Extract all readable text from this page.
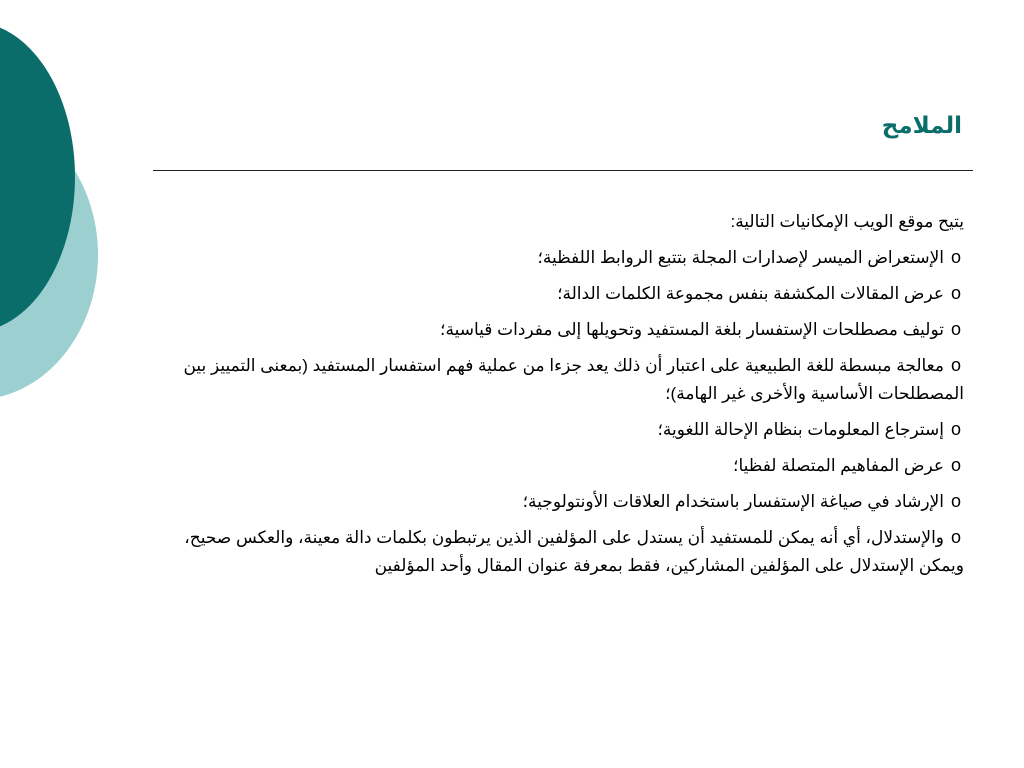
الملامح

يتيح موقع الويب الإمكانيات التالية:

oالإستعراض الميسر لإصدارات المجلة بتتبع الروابط اللفظية؛
oعرض المقالات المكشفة بنفس مجموعة الكلمات الدالة؛
oتوليف مصطلحات الإستفسار بلغة المستفيد وتحويلها إلى مفردات قياسية؛
oمعالجة مبسطة للغة الطبيعية على اعتبار أن ذلك يعد جزءا من عملية فهم استفسار المستفيد (بمعنى التمييز بين المصطلحات الأساسية والأخرى غير الهامة)؛
oإسترجاع المعلومات بنظام الإحالة اللغوية؛
oعرض المفاهيم المتصلة لفظيا؛
oالإرشاد في صياغة الإستفسار باستخدام العلاقات الأونتولوجية؛
oوالإستدلال، أي أنه يمكن للمستفيد أن يستدل على المؤلفين الذين يرتبطون بكلمات دالة معينة، والعكس صحيح، ويمكن الإستدلال على المؤلفين المشاركين، فقط بمعرفة عنوان المقال وأحد المؤلفين
